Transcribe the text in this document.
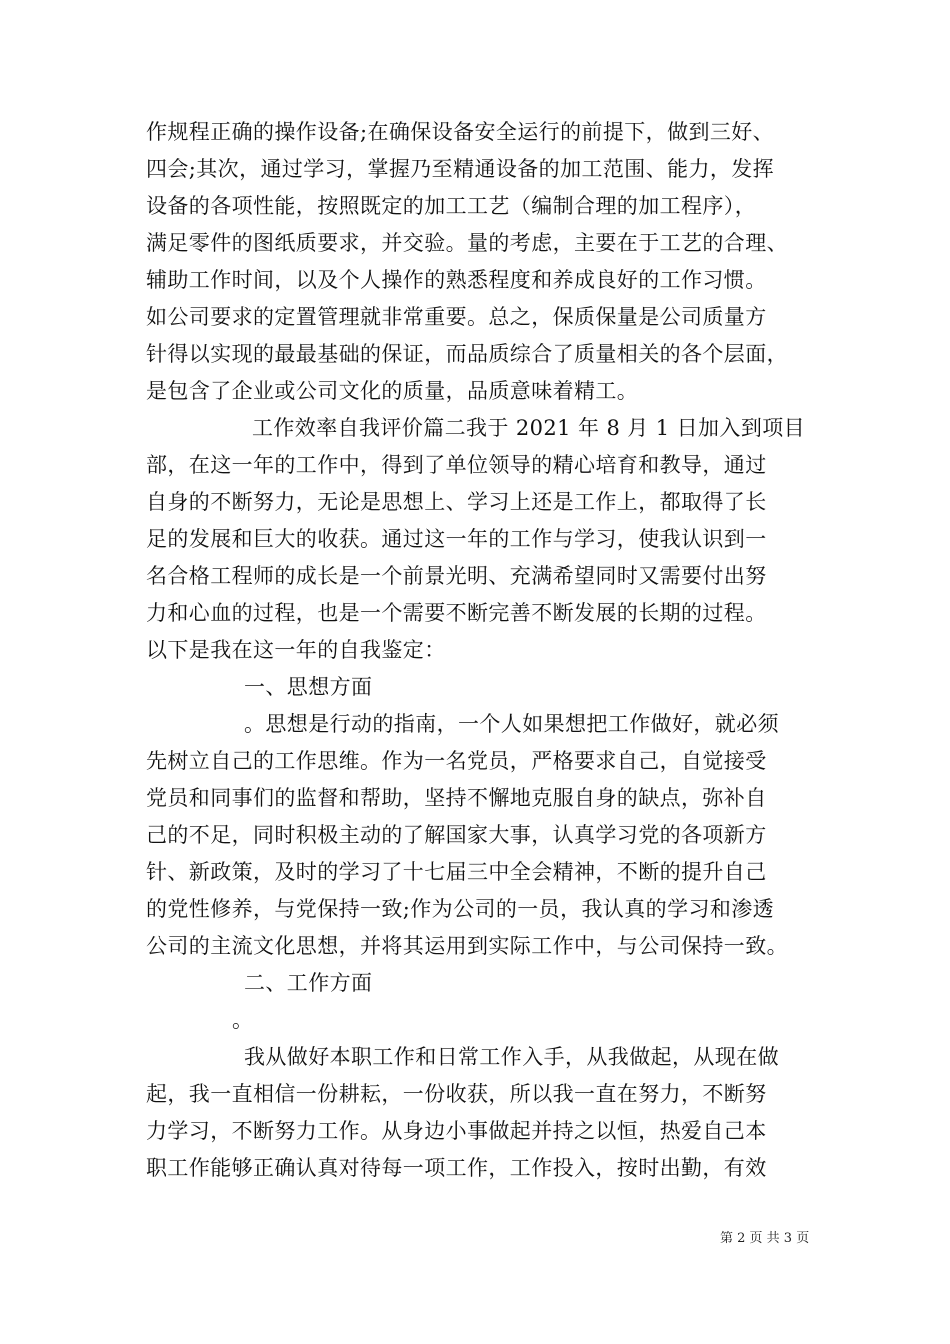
作规程正确的操作设备;在确保设备安全运行的前提下，做到三好、
四会;其次，通过学习，掌握乃至精通设备的加工范围、能力，发挥
设备的各项性能，按照既定的加工工艺（编制合理的加工程序），
满足零件的图纸质要求，并交验。量的考虑，主要在于工艺的合理、
辅助工作时间，以及个人操作的熟悉程度和养成良好的工作习惯。
如公司要求的定置管理就非常重要。总之，保质保量是公司质量方
针得以实现的最最基础的保证，而品质综合了质量相关的各个层面，
是包含了企业或公司文化的质量，品质意味着精工。
工作效率自我评价篇二我于 2021 年 8 月 1 日加入到项目
部，在这一年的工作中，得到了单位领导的精心培育和教导，通过
自身的不断努力，无论是思想上、学习上还是工作上，都取得了长
足的发展和巨大的收获。通过这一年的工作与学习，使我认识到一
名合格工程师的成长是一个前景光明、充满希望同时又需要付出努
力和心血的过程，也是一个需要不断完善不断发展的长期的过程。
以下是我在这一年的自我鉴定：
一、思想方面
。思想是行动的指南，一个人如果想把工作做好，就必须
先树立自己的工作思维。作为一名党员，严格要求自己，自觉接受
党员和同事们的监督和帮助，坚持不懈地克服自身的缺点，弥补自
己的不足，同时积极主动的了解国家大事，认真学习党的各项新方
针、新政策，及时的学习了十七届三中全会精神，不断的提升自己
的党性修养，与党保持一致;作为公司的一员，我认真的学习和渗透
公司的主流文化思想，并将其运用到实际工作中，与公司保持一致。
二、工作方面
。
我从做好本职工作和日常工作入手，从我做起，从现在做
起，我一直相信一份耕耘，一份收获，所以我一直在努力，不断努
力学习，不断努力工作。从身边小事做起并持之以恒，热爱自己本
职工作能够正确认真对待每一项工作，工作投入，按时出勤，有效
第 2 页 共 3 页
